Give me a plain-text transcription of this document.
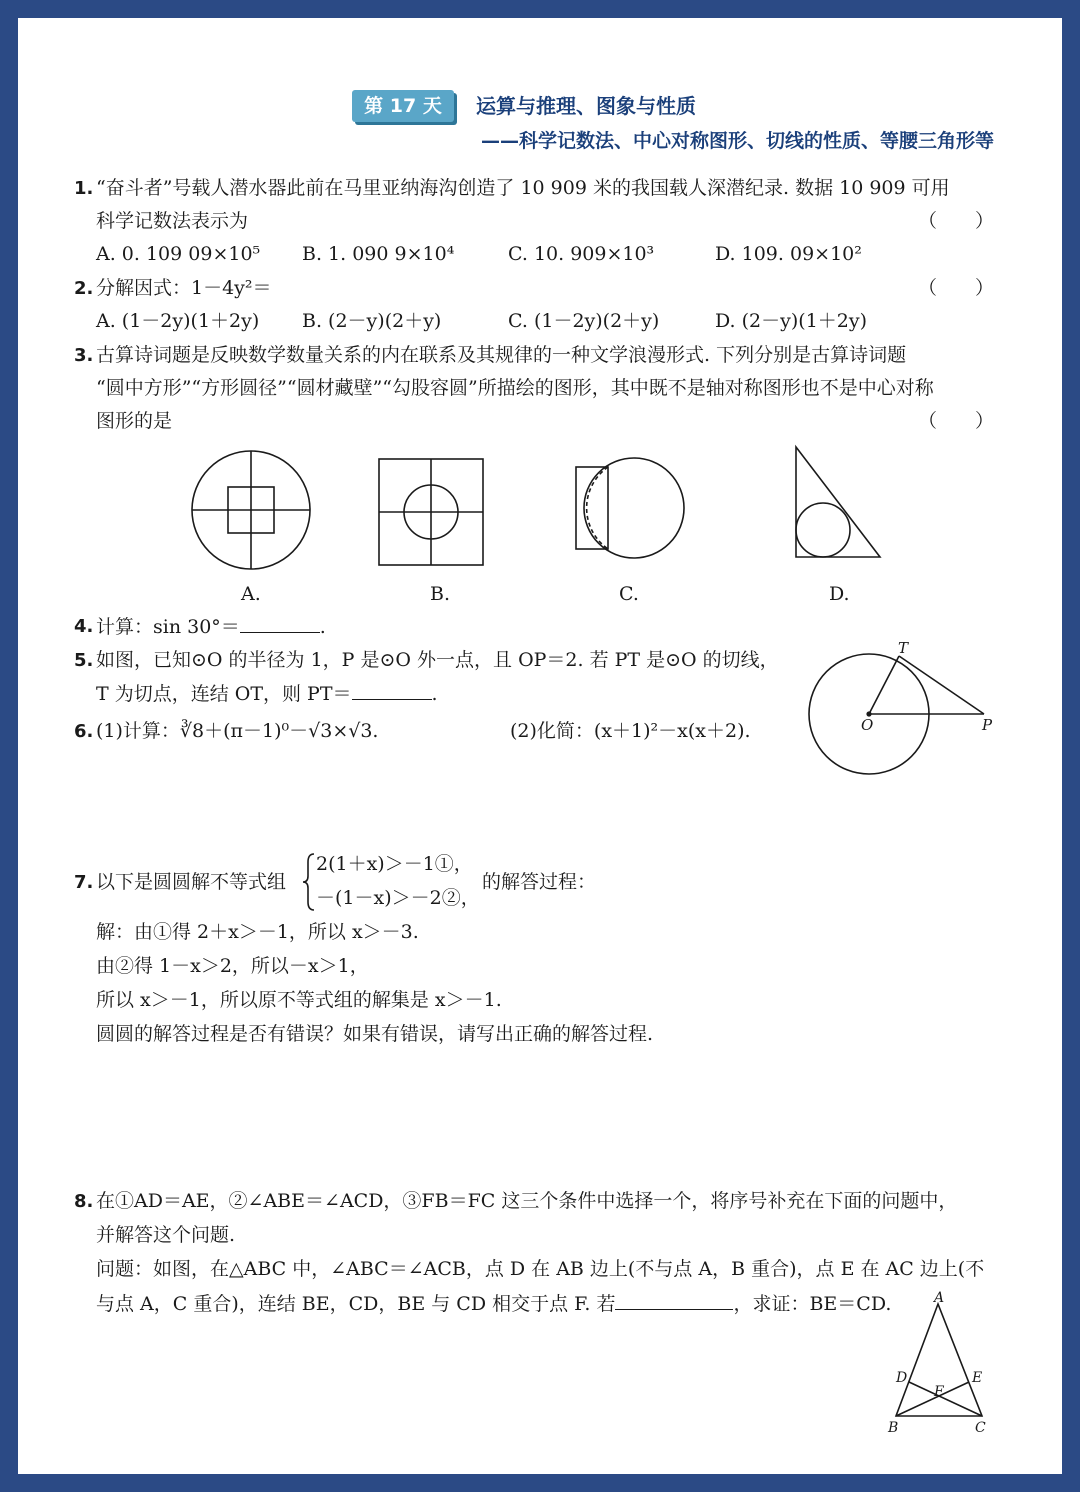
第 17 天	运算与推理、图象与性质
——科学记数法、中心对称图形、切线的性质、等腰三角形等
1. “奋斗者”号载人潜水器此前在马里亚纳海沟创造了 10 909 米的我国载人深潜纪录. 数据 10 909 可用
科学记数法表示为	（　　）
A. 0. 109 09×10⁵ B. 1. 090 9×10⁴	C. 10. 909×10³	D. 109. 09×10²
2. 分解因式：1－4y²＝	（　　）
A. (1－2y)(1＋2y) B. (2－y)(2＋y)	C. (1－2y)(2＋y)	D. (2－y)(1＋2y)
3. 古算诗词题是反映数学数量关系的内在联系及其规律的一种文学浪漫形式. 下列分别是古算诗词题
“圆中方形”“方形圆径”“圆材藏壁”“勾股容圆”所描绘的图形，其中既不是轴对称图形也不是中心对称
图形的是	（　　）
A.	B.	C.	D.
4. 计算：sin 30°＝	.
5. 如图，已知⊙O 的半径为 1，P 是⊙O 外一点，且 OP＝2. 若 PT 是⊙O 的切线，
T 为切点，连结 OT，则 PT＝	.
T
O	P
6. (1)计算：∛8＋(π－1)⁰－√3×√3.	(2)化简：(x＋1)²－x(x＋2).
7. 以下是圆圆解不等式组
2(1＋x)＞－1①，
－(1－x)＞－2②，
的解答过程：
解：由①得 2＋x＞－1，所以 x＞－3.
由②得 1－x＞2，所以－x＞1，
所以 x＞－1，所以原不等式组的解集是 x＞－1.
圆圆的解答过程是否有错误？如果有错误，请写出正确的解答过程.
8. 在①AD＝AE，②∠ABE＝∠ACD，③FB＝FC 这三个条件中选择一个，将序号补充在下面的问题中，
并解答这个问题.
问题：如图，在△ABC 中，∠ABC＝∠ACB，点 D 在 AB 边上(不与点 A，B 重合)，点 E 在 AC 边上(不
与点 A，C 重合)，连结 BE，CD，BE 与 CD 相交于点 F. 若	，求证：BE＝CD.	A
B	C
D	E
F
